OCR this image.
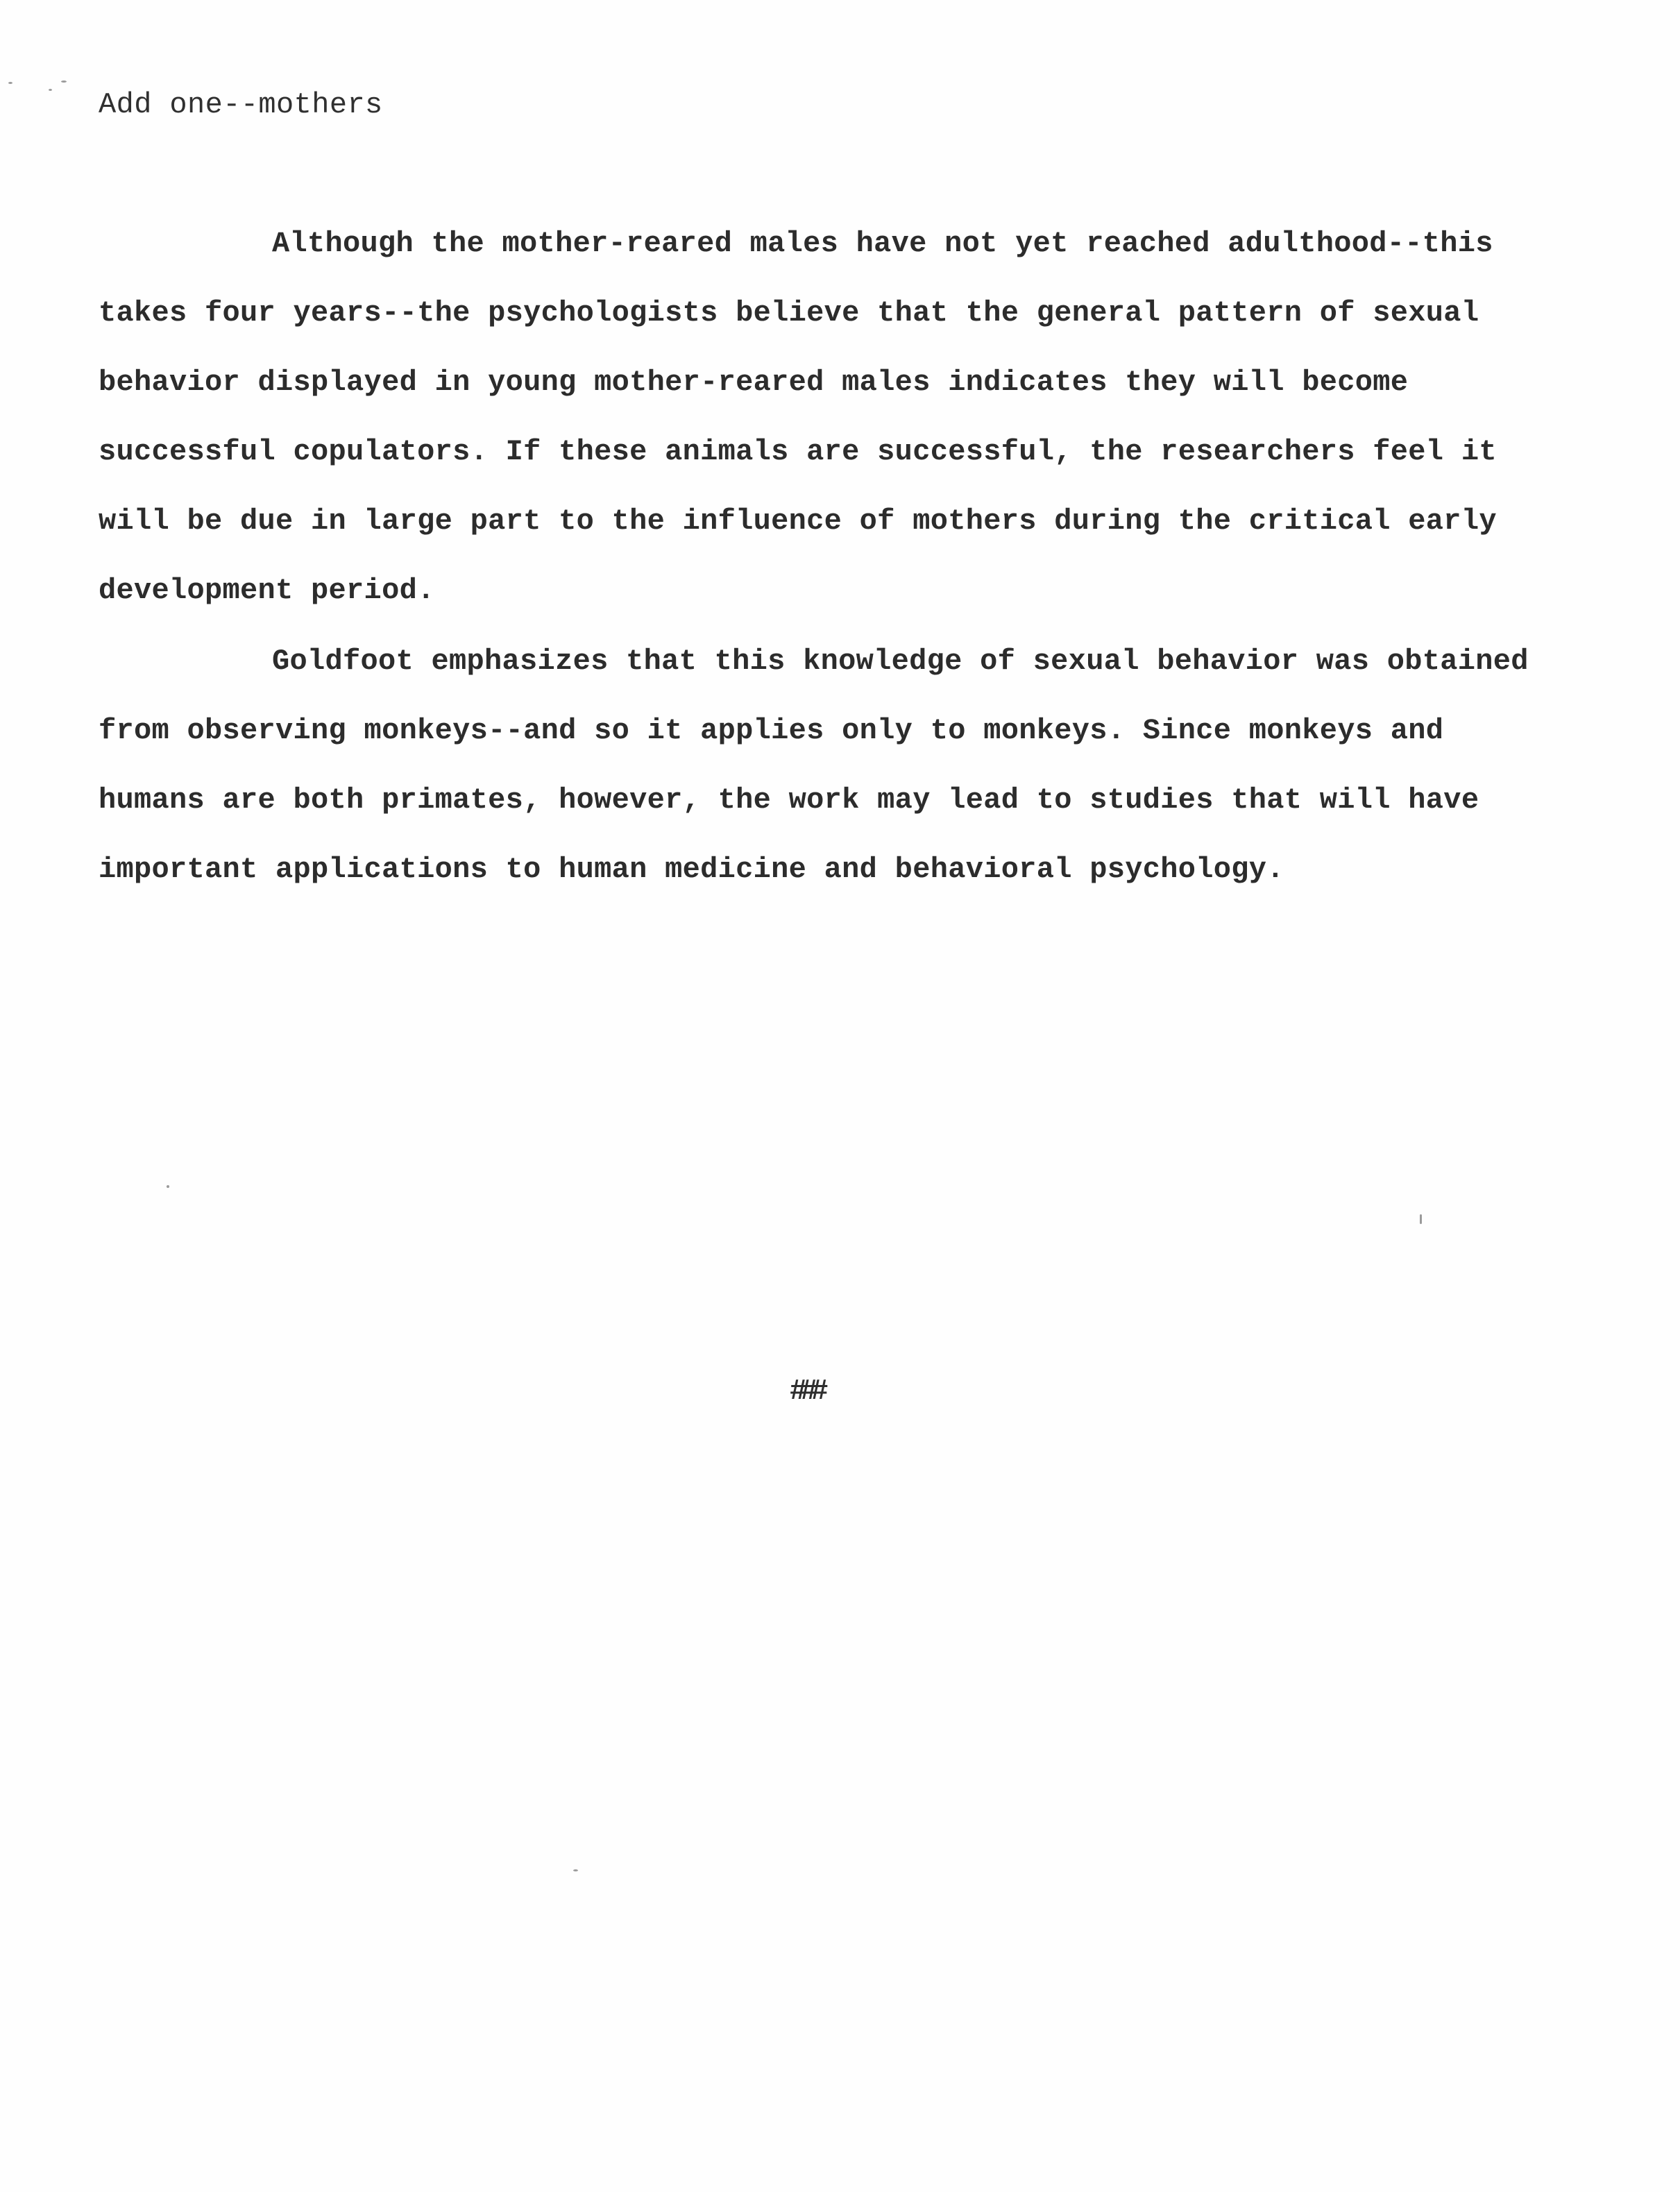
Add one--mothers
Although the mother-reared males have not yet reached adulthood--this
takes four years--the psychologists believe that the general pattern of sexual
behavior displayed in young mother-reared males indicates they will become
successful copulators. If these animals are successful, the researchers feel it
will be due in large part to the influence of mothers during the critical early
development period.
Goldfoot emphasizes that this knowledge of sexual behavior was obtained
from observing monkeys--and so it applies only to monkeys. Since monkeys and
humans are both primates, however, the work may lead to studies that will have
important applications to human medicine and behavioral psychology.
###
